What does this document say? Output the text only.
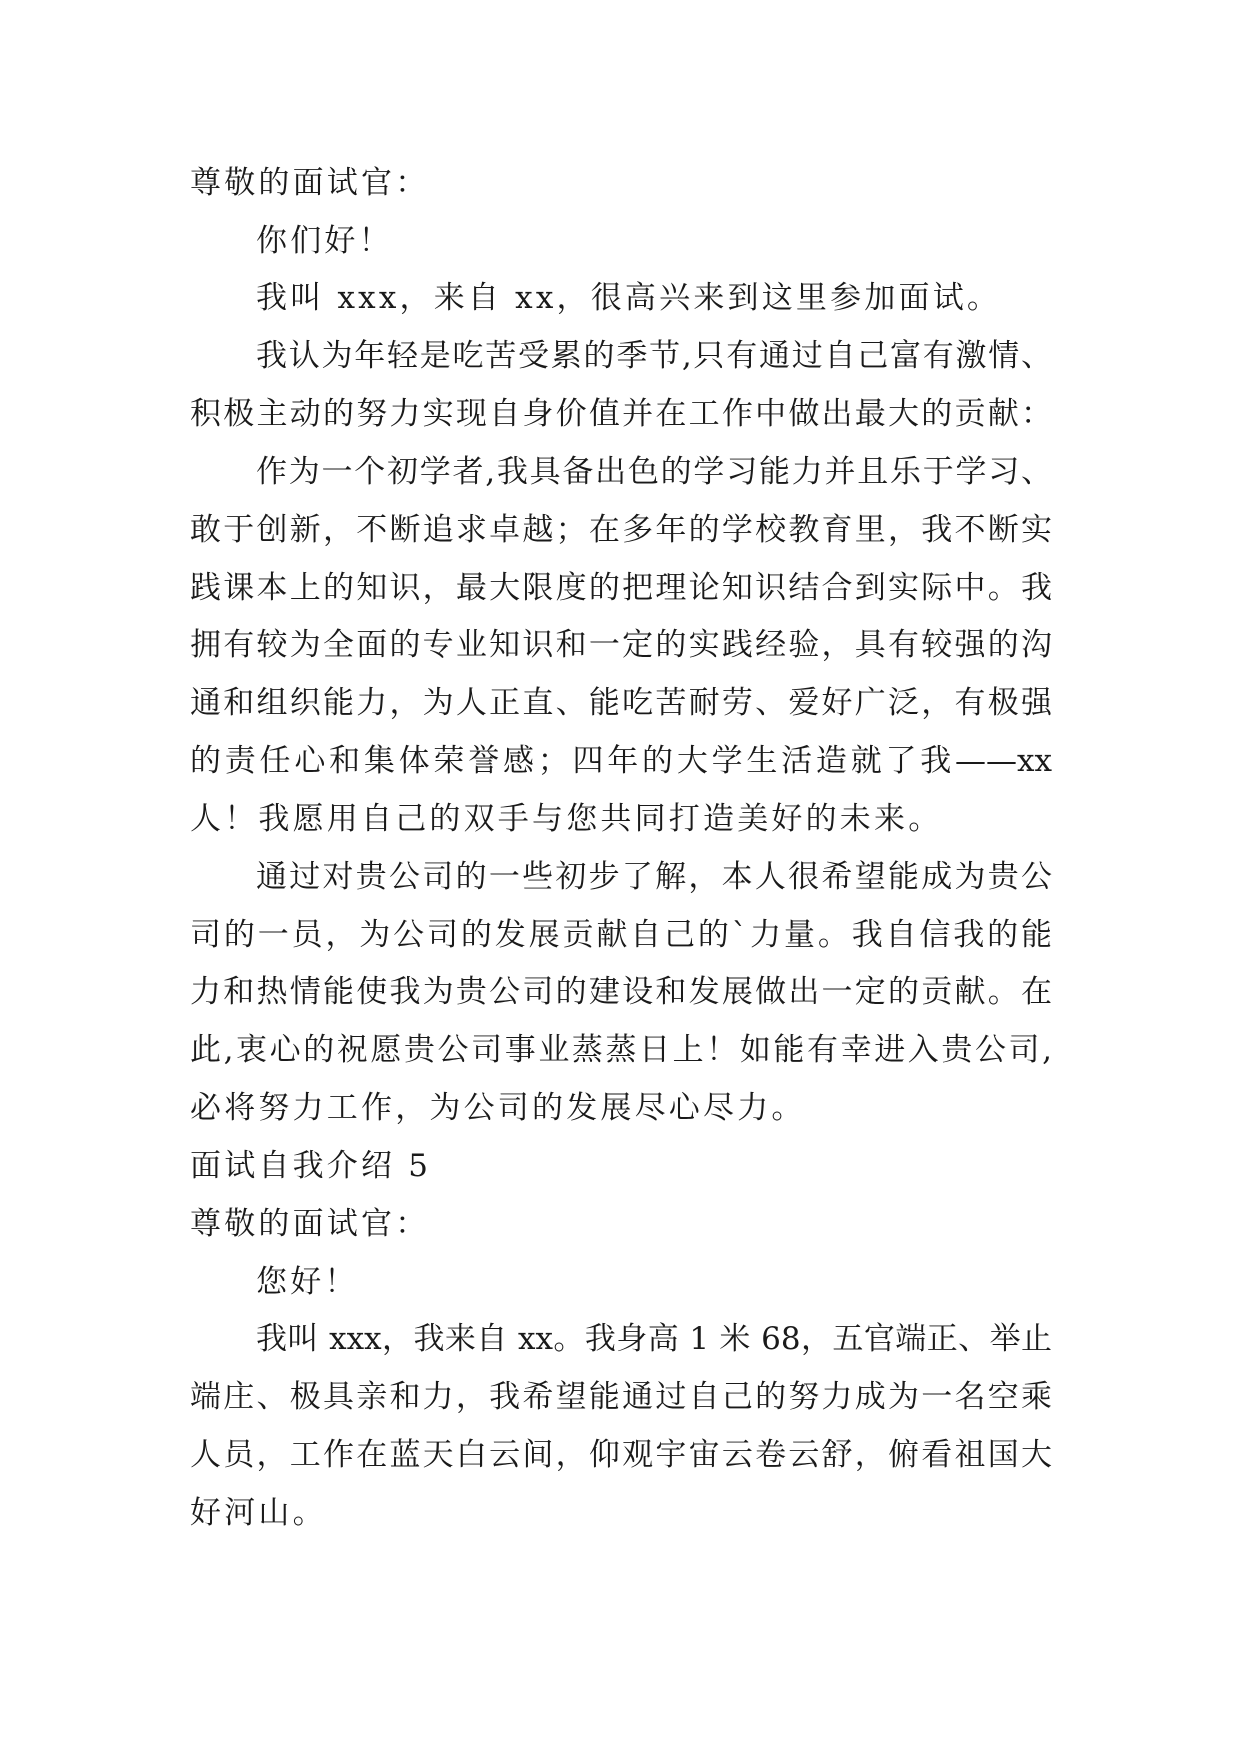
尊敬的面试官：
你们好！
我叫 xxx，来自 xx，很高兴来到这里参加面试。
我认为年轻是吃苦受累的季节,只有通过自己富有激情、
积极主动的努力实现自身价值并在工作中做出最大的贡献：
作为一个初学者,我具备出色的学习能力并且乐于学习、
敢于创新，不断追求卓越；在多年的学校教育里，我不断实
践课本上的知识，最大限度的把理论知识结合到实际中。我
拥有较为全面的专业知识和一定的实践经验，具有较强的沟
通和组织能力，为人正直、能吃苦耐劳、爱好广泛，有极强
的责任心和集体荣誉感；四年的大学生活造就了我——xx
人！我愿用自己的双手与您共同打造美好的未来。
通过对贵公司的一些初步了解，本人很希望能成为贵公
司的一员，为公司的发展贡献自己的`力量。我自信我的能
力和热情能使我为贵公司的建设和发展做出一定的贡献。在
此,衷心的祝愿贵公司事业蒸蒸日上！如能有幸进入贵公司,
必将努力工作，为公司的发展尽心尽力。
面试自我介绍 5
尊敬的面试官：
您好！
我叫 xxx，我来自 xx。我身高 1 米 68，五官端正、举止
端庄、极具亲和力，我希望能通过自己的努力成为一名空乘
人员，工作在蓝天白云间，仰观宇宙云卷云舒，俯看祖国大
好河山。
